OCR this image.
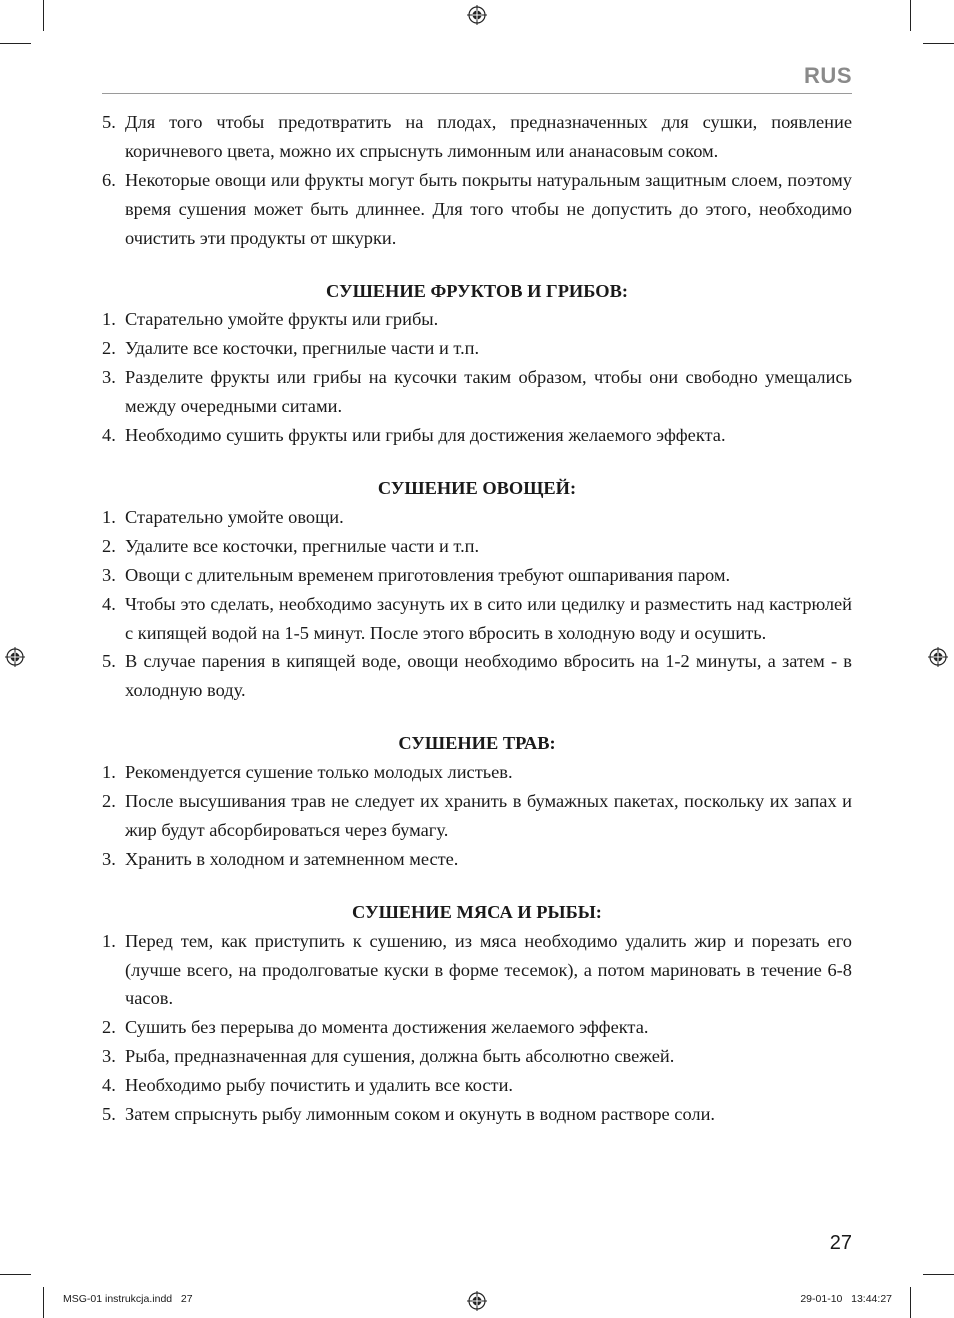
RUS
5. Для того чтобы предотвратить на плодах, предназначенных для сушки, появление коричневого цвета, можно их спрыснуть лимонным или ананасовым соком.
6. Некоторые овощи или фрукты могут быть покрыты натуральным защитным слоем, поэтому время сушения может быть длиннее. Для того чтобы не допустить до этого, необходимо очистить эти продукты от шкурки.
СУШЕНИЕ ФРУКТОВ И ГРИБОВ:
1. Старательно умойте фрукты или грибы.
2. Удалите все косточки, прегнилые части и т.п.
3. Разделите фрукты или грибы на кусочки таким образом, чтобы они свободно умещались между очередными ситами.
4. Необходимо сушить фрукты или грибы для достижения желаемого эффекта.
СУШЕНИЕ ОВОЩЕЙ:
1. Старательно умойте овощи.
2. Удалите все косточки, прегнилые части и т.п.
3. Овощи с длительным временем приготовления требуют ошпаривания паром.
4. Чтобы это сделать, необходимо засунуть их в сито или цедилку и разместить над кастрюлей с кипящей водой на 1-5 минут. После этого вбросить в холодную воду и осушить.
5. В случае парения в кипящей воде, овощи необходимо вбросить на 1-2 минуты, а затем - в холодную воду.
СУШЕНИЕ ТРАВ:
1. Рекомендуется сушение только молодых листьев.
2. После высушивания трав не следует их хранить в бумажных пакетах, поскольку их запах и жир будут абсорбироваться через бумагу.
3. Хранить в холодном и затемненном месте.
СУШЕНИЕ МЯСА И РЫБЫ:
1. Перед тем, как приступить к сушению, из мяса необходимо удалить жир и порезать его (лучше всего, на продолговатые куски в форме тесемок), а потом мариновать в течение 6-8 часов.
2. Сушить без перерыва до момента достижения желаемого эффекта.
3. Рыба, предназначенная для сушения, должна быть абсолютно свежей.
4. Необходимо рыбу почистить и удалить все кости.
5. Затем спрыснуть рыбу лимонным соком и окунуть в водном растворе соли.
27
MSG-01 instrukcja.indd   27	29-01-10   13:44:27
